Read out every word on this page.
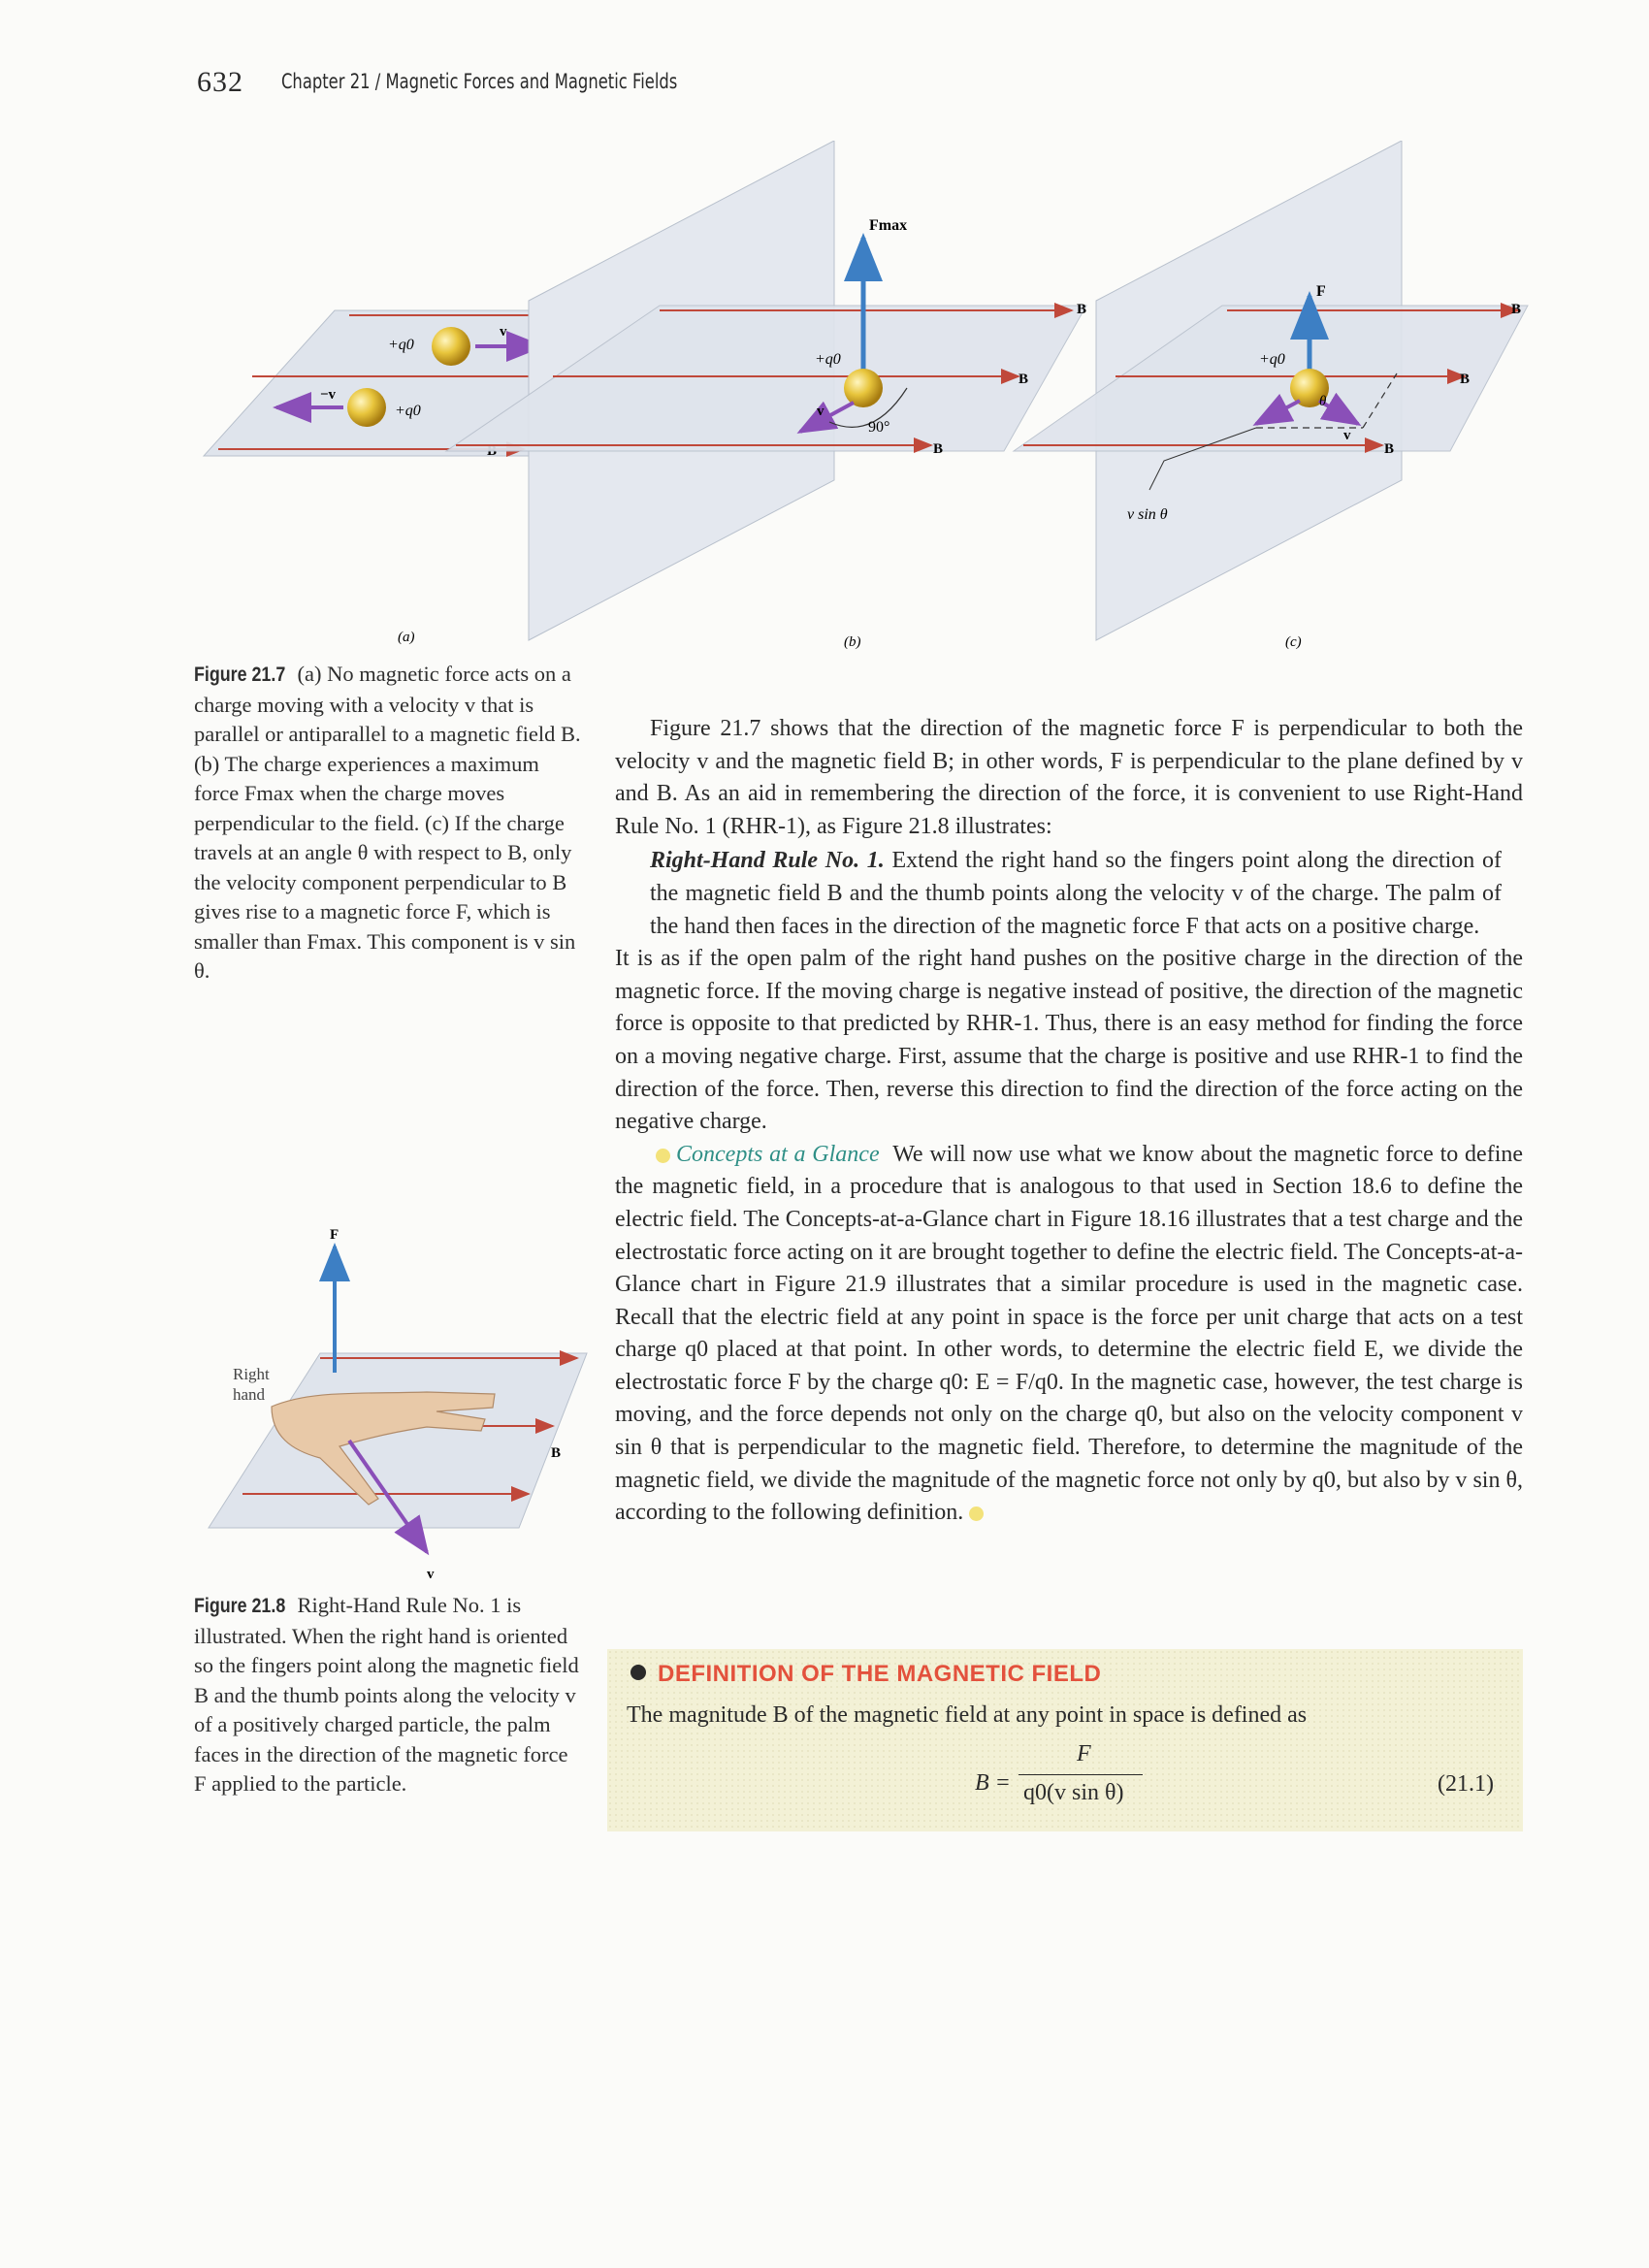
632 Chapter 21 / Magnetic Forces and Magnetic Fields
v
+q0
−v
+q0
(a)
B
B
B
Fmax
+q0
v
90°
(b)
B
B
B
F
+q0
θ
v
v sin θ
(c)
Figure 21.7 (a) No magnetic force acts on a charge moving with a velocity v that is parallel or antiparallel to a magnetic field B. (b) The charge experiences a maximum force Fmax when the charge moves perpendicular to the field. (c) If the charge travels at an angle θ with respect to B, only the velocity component perpendicular to B gives rise to a magnetic force F, which is smaller than Fmax. This component is v sin θ.
B
F
v
Right
hand
Figure 21.8 Right-Hand Rule No. 1 is illustrated. When the right hand is oriented so the fingers point along the magnetic field B and the thumb points along the velocity v of a positively charged particle, the palm faces in the direction of the magnetic force F applied to the particle.

Figure 21.7 shows that the direction of the magnetic force F is perpendicular to both the velocity v and the magnetic field B; in other words, F is perpendicular to the plane defined by v and B. As an aid in remembering the direction of the force, it is convenient to use Right-Hand Rule No. 1 (RHR-1), as Figure 21.8 illustrates:

Right-Hand Rule No. 1. Extend the right hand so the fingers point along the direction of the magnetic field B and the thumb points along the velocity v of the charge. The palm of the hand then faces in the direction of the magnetic force F that acts on a positive charge.

It is as if the open palm of the right hand pushes on the positive charge in the direction of the magnetic force. If the moving charge is negative instead of positive, the direction of the magnetic force is opposite to that predicted by RHR-1. Thus, there is an easy method for finding the force on a moving negative charge. First, assume that the charge is positive and use RHR-1 to find the direction of the force. Then, reverse this direction to find the direction of the force acting on the negative charge.

Concepts at a Glance We will now use what we know about the magnetic force to define the magnetic field, in a procedure that is analogous to that used in Section 18.6 to define the electric field. The Concepts-at-a-Glance chart in Figure 18.16 illustrates that a test charge and the electrostatic force acting on it are brought together to define the electric field. The Concepts-at-a-Glance chart in Figure 21.9 illustrates that a similar procedure is used in the magnetic case. Recall that the electric field at any point in space is the force per unit charge that acts on a test charge q0 placed at that point. In other words, to determine the electric field E, we divide the electrostatic force F by the charge q0: E = F/q0. In the magnetic case, however, the test charge is moving, and the force depends not only on the charge q0, but also on the velocity component v sin θ that is perpendicular to the magnetic field. Therefore, to determine the magnitude of the magnetic field, we divide the magnitude of the magnetic force not only by q0, but also by v sin θ, according to the following definition.

DEFINITION OF THE MAGNETIC FIELD
The magnitude B of the magnetic field at any point in space is defined as
B =
F
q0(v sin θ)	(21.1)
